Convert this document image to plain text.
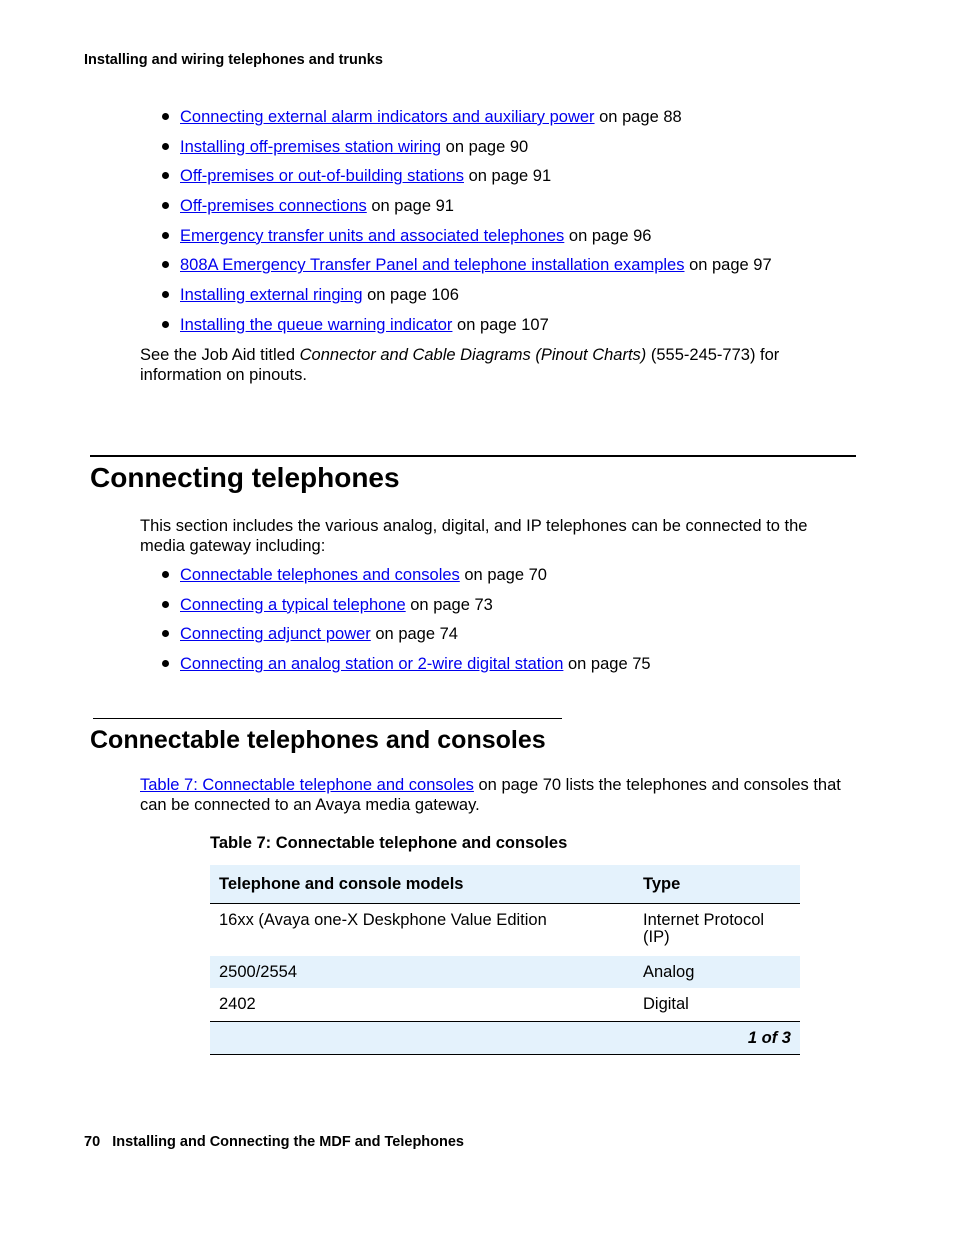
Installing and wiring telephones and trunks
Connecting external alarm indicators and auxiliary power on page 88
Installing off-premises station wiring on page 90
Off-premises or out-of-building stations on page 91
Off-premises connections on page 91
Emergency transfer units and associated telephones on page 96
808A Emergency Transfer Panel and telephone installation examples on page 97
Installing external ringing on page 106
Installing the queue warning indicator on page 107
See the Job Aid titled Connector and Cable Diagrams (Pinout Charts) (555-245-773) for information on pinouts.
Connecting telephones
This section includes the various analog, digital, and IP telephones can be connected to the media gateway including:
Connectable telephones and consoles on page 70
Connecting a typical telephone on page 73
Connecting adjunct power on page 74
Connecting an analog station or 2-wire digital station on page 75
Connectable telephones and consoles
Table 7: Connectable telephone and consoles on page 70 lists the telephones and consoles that can be connected to an Avaya media gateway.
Table 7: Connectable telephone and consoles
Telephone and console models	Type
16xx (Avaya one-X Deskphone Value Edition	Internet Protocol (IP)
2500/2554	Analog
2402	Digital
1 of 3	
70 Installing and Connecting the MDF and Telephones
